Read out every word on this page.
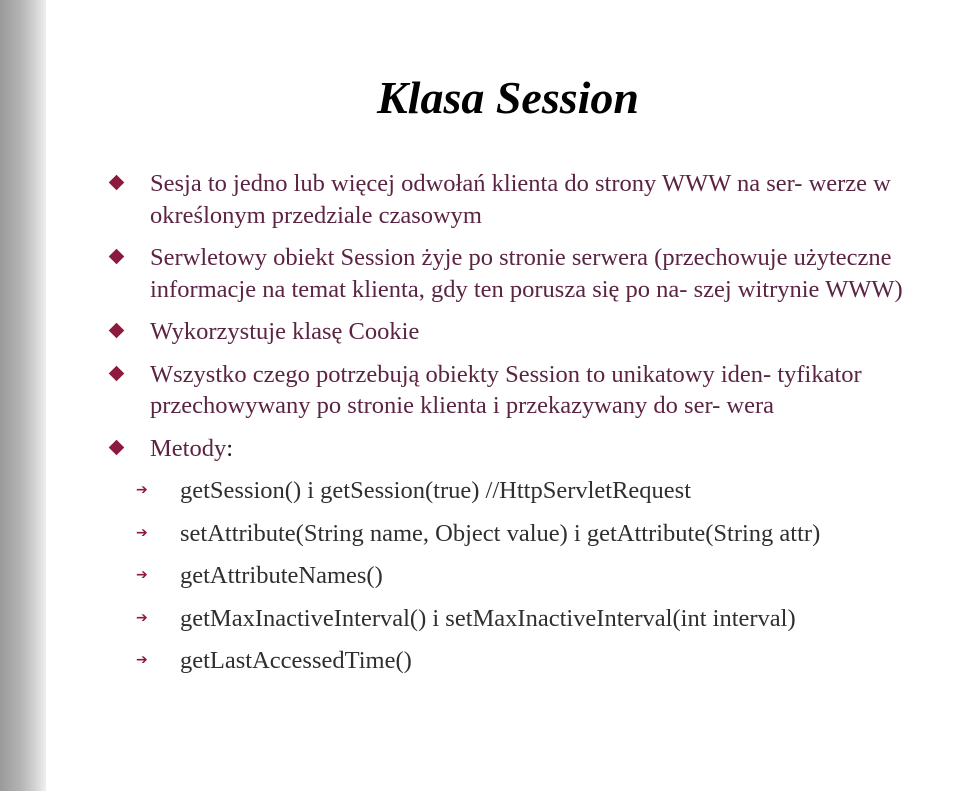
Klasa Session
Sesja to jedno lub więcej odwołań klienta do strony WWW na ser- werze w określonym przedziale czasowym
Serwletowy obiekt Session żyje po stronie serwera (przechowuje użyteczne informacje na temat klienta, gdy ten porusza się po na- szej witrynie WWW)
Wykorzystuje klasę Cookie
Wszystko czego potrzebują obiekty Session to unikatowy iden- tyfikator przechowywany po stronie klienta i przekazywany do ser- wera
Metody:
➔ getSession() i getSession(true) //HttpServletRequest
➔ setAttribute(String name, Object value) i getAttribute(String attr)
➔ getAttributeNames()
➔ getMaxInactiveInterval() i setMaxInactiveInterval(int interval)
➔ getLastAccessedTime()
